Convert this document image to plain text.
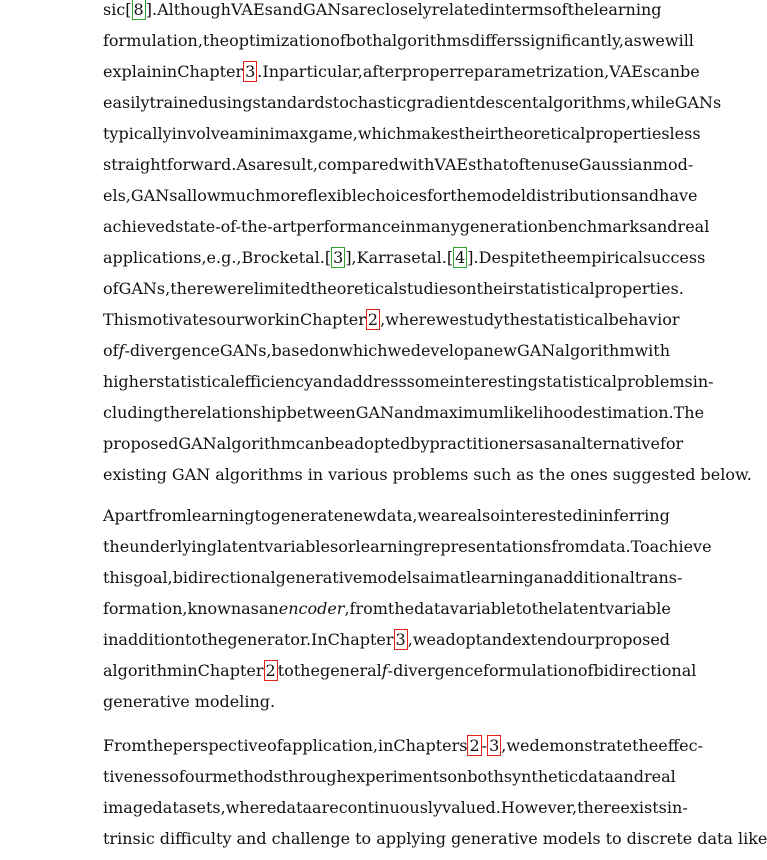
sic [ 8 ]. Although VAEs and GANs are closely related in terms of the learning
formulation, the optimization of both algorithms differs significantly, as we will
explain in Chapter 3 . In particular, after proper reparametrization, VAEs can be
easily trained using standard stochastic gradient descent algorithms, while GANs
typically involve a minimax game, which makes their theoretical properties less
straightforward. As a result, compared with VAEs that often use Gaussian mod-
els, GANs allow much more flexible choices for the model distributions and have
achieved state-of-the-art performance in many generation benchmarks and real
applications, e.g., Brock et al. [ 3 ], Karras et al. [ 4 ]. Despite the empirical success
of GANs, there were limited theoretical studies on their statistical properties.
This motivates our work in Chapter 2 , where we study the statistical behavior
of f-divergence GANs, based on which we develop a new GAN algorithm with
higher statistical efficiency and address some interesting statistical problems in-
cluding the relationship between GAN and maximum likelihood estimation. The
proposed GAN algorithm can be adopted by practitioners as an alternative for
existing GAN algorithms in various problems such as the ones suggested below.
Apart from learning to generate new data, we are also interested in inferring
the underlying latent variables or learning representations from data. To achieve
this goal, bidirectional generative models aim at learning an additional trans-
formation, known as an encoder, from the data variable to the latent variable
in addition to the generator. In Chapter 3 , we adopt and extend our proposed
algorithm in Chapter 2 to the general f-divergence formulation of bidirectional
generative modeling.
From the perspective of application, in Chapters 2 - 3 , we demonstrate the effec-
tiveness of our methods through experiments on both synthetic data and real
image data sets, where data are continuously valued. However, there exists in-
trinsic difficulty and challenge to applying generative models to discrete data like
